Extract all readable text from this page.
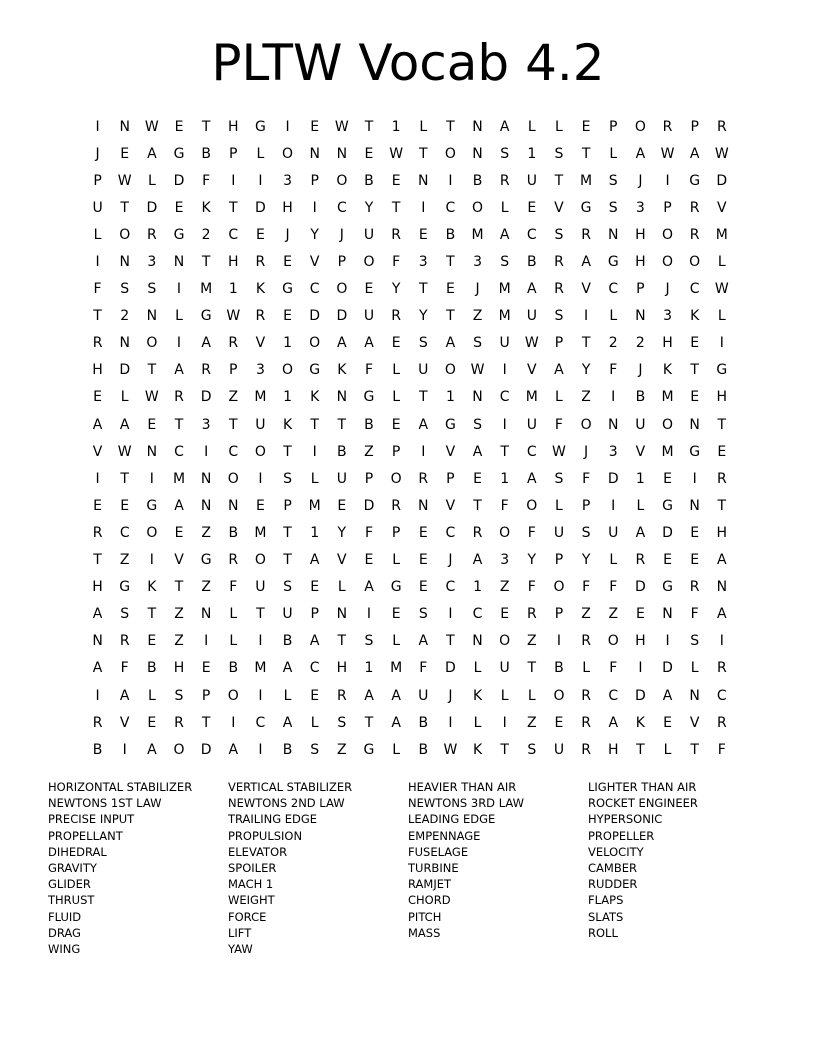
PLTW Vocab 4.2
I	N	W	E	T	H	G	I	E	W	T	1	L	T	N	A	L	L	E	P	O	R	P	R
J	E	A	G	B	P	L	O	N	N	E	W	T	O	N	S	1	S	T	L	A	W	A	W
P	W	L	D	F	I	I	3	P	O	B	E	N	I	B	R	U	T	M	S	J	I	G	D
U	T	D	E	K	T	D	H	I	C	Y	T	I	C	O	L	E	V	G	S	3	P	R	V
L	O	R	G	2	C	E	J	Y	J	U	R	E	B	M	A	C	S	R	N	H	O	R	M
I	N	3	N	T	H	R	E	V	P	O	F	3	T	3	S	B	R	A	G	H	O	O	L
F	S	S	I	M	1	K	G	C	O	E	Y	T	E	J	M	A	R	V	C	P	J	C	W
T	2	N	L	G	W	R	E	D	D	U	R	Y	T	Z	M	U	S	I	L	N	3	K	L
R	N	O	I	A	R	V	1	O	A	A	E	S	A	S	U	W	P	T	2	2	H	E	I
H	D	T	A	R	P	3	O	G	K	F	L	U	O	W	I	V	A	Y	F	J	K	T	G
E	L	W	R	D	Z	M	1	K	N	G	L	T	1	N	C	M	L	Z	I	B	M	E	H
A	A	E	T	3	T	U	K	T	T	B	E	A	G	S	I	U	F	O	N	U	O	N	T
V	W	N	C	I	C	O	T	I	B	Z	P	I	V	A	T	C	W	J	3	V	M	G	E
I	T	I	M	N	O	I	S	L	U	P	O	R	P	E	1	A	S	F	D	1	E	I	R
E	E	G	A	N	N	E	P	M	E	D	R	N	V	T	F	O	L	P	I	L	G	N	T
R	C	O	E	Z	B	M	T	1	Y	F	P	E	C	R	O	F	U	S	U	A	D	E	H
T	Z	I	V	G	R	O	T	A	V	E	L	E	J	A	3	Y	P	Y	L	R	E	E	A
H	G	K	T	Z	F	U	S	E	L	A	G	E	C	1	Z	F	O	F	F	D	G	R	N
A	S	T	Z	N	L	T	U	P	N	I	E	S	I	C	E	R	P	Z	Z	E	N	F	A
N	R	E	Z	I	L	I	B	A	T	S	L	A	T	N	O	Z	I	R	O	H	I	S	I
A	F	B	H	E	B	M	A	C	H	1	M	F	D	L	U	T	B	L	F	I	D	L	R
I	A	L	S	P	O	I	L	E	R	A	A	U	J	K	L	L	O	R	C	D	A	N	C
R	V	E	R	T	I	C	A	L	S	T	A	B	I	L	I	Z	E	R	A	K	E	V	R
B	I	A	O	D	A	I	B	S	Z	G	L	B	W	K	T	S	U	R	H	T	L	T	F
HORIZONTAL STABILIZER
NEWTONS 1ST LAW
PRECISE INPUT
PROPELLANT
DIHEDRAL
GRAVITY
GLIDER
THRUST
FLUID
DRAG
WING
VERTICAL STABILIZER
NEWTONS 2ND LAW
TRAILING EDGE
PROPULSION
ELEVATOR
SPOILER
MACH 1
WEIGHT
FORCE
LIFT
YAW
HEAVIER THAN AIR
NEWTONS 3RD LAW
LEADING EDGE
EMPENNAGE
FUSELAGE
TURBINE
RAMJET
CHORD
PITCH
MASS
LIGHTER THAN AIR
ROCKET ENGINEER
HYPERSONIC
PROPELLER
VELOCITY
CAMBER
RUDDER
FLAPS
SLATS
ROLL
